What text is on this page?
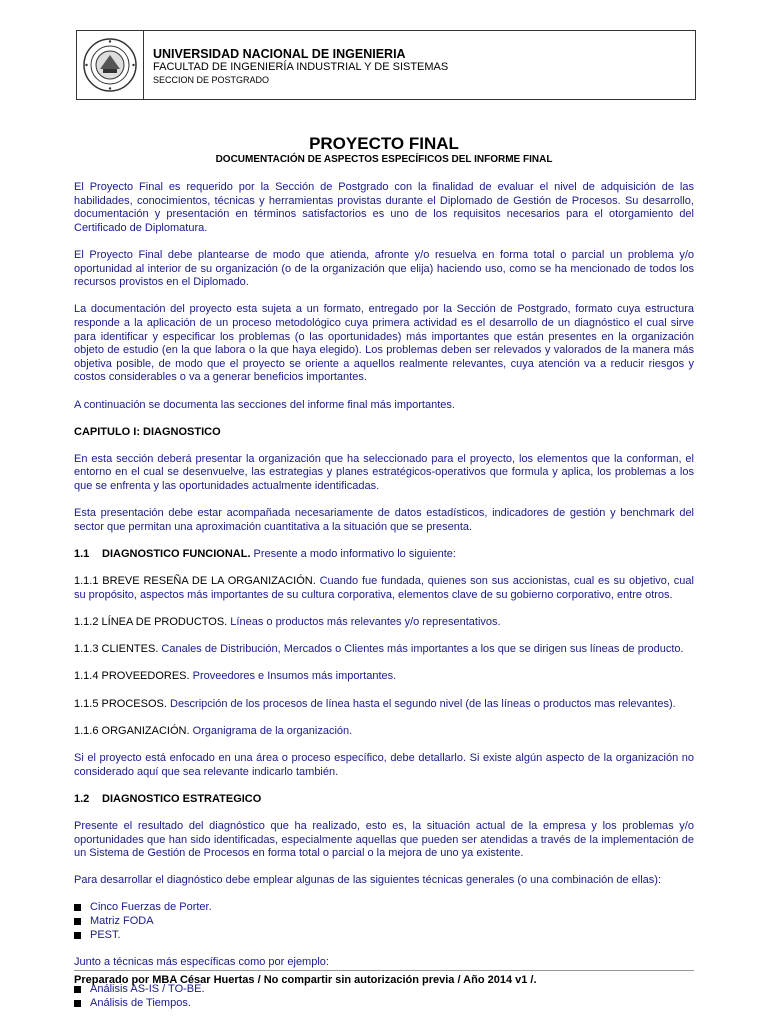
UNIVERSIDAD NACIONAL DE INGENIERIA
FACULTAD DE INGENIERÍA INDUSTRIAL Y DE SISTEMAS
SECCION DE POSTGRADO
PROYECTO FINAL
DOCUMENTACIÓN DE ASPECTOS ESPECÍFICOS DEL INFORME FINAL

El Proyecto Final es requerido por la Sección de Postgrado con la finalidad de evaluar el nivel de adquisición de las habilidades, conocimientos, técnicas y herramientas provistas durante el Diplomado de Gestión de Procesos. Su desarrollo, documentación y presentación en términos satisfactorios es uno de los requisitos necesarios para el otorgamiento del Certificado de Diplomatura.

El Proyecto Final debe plantearse de modo que atienda, afronte y/o resuelva en forma total o parcial un problema y/o oportunidad al interior de su organización (o de la organización que elija) haciendo uso, como se ha mencionado de todos los recursos provistos en el Diplomado.

La documentación del proyecto esta sujeta a un formato, entregado por la Sección de Postgrado, formato cuya estructura responde a la aplicación de un proceso metodológico cuya primera actividad es el desarrollo de un diagnóstico el cual sirve para identificar y especificar los problemas (o las oportunidades) más importantes que están presentes en la organización objeto de estudio (en la que labora o la que haya elegido). Los problemas deben ser relevados y valorados de la manera más objetiva posible, de modo que el proyecto se oriente a aquellos realmente relevantes, cuya atención va a reducir riesgos y costos considerables o va a generar beneficios importantes.

A continuación se documenta las secciones del informe final más importantes.

CAPITULO I: DIAGNOSTICO

En esta sección deberá presentar la organización que ha seleccionado para el proyecto, los elementos que la conforman, el entorno en el cual se desenvuelve, las estrategias y planes estratégicos-operativos que formula y aplica, los problemas a los que se enfrenta y las oportunidades actualmente identificadas.

Esta presentación debe estar acompañada necesariamente de datos estadísticos, indicadores de gestión y benchmark del sector que permitan una aproximación cuantitativa a la situación que se presenta.

1.1 DIAGNOSTICO FUNCIONAL. Presente a modo informativo lo siguiente:

1.1.1 BREVE RESEÑA DE LA ORGANIZACIÓN. Cuando fue fundada, quienes son sus accionistas, cual es su objetivo, cual su propósito, aspectos más importantes de su cultura corporativa, elementos clave de su gobierno corporativo, entre otros.

1.1.2 LÍNEA DE PRODUCTOS. Líneas o productos más relevantes y/o representativos.

1.1.3 CLIENTES. Canales de Distribución, Mercados o Clientes más importantes a los que se dirigen sus líneas de producto.

1.1.4 PROVEEDORES. Proveedores e Insumos más importantes.

1.1.5 PROCESOS. Descripción de los procesos de línea hasta el segundo nivel (de las líneas o productos mas relevantes).

1.1.6 ORGANIZACIÓN. Organigrama de la organización.

Si el proyecto está enfocado en una área o proceso específico, debe detallarlo. Si existe algún aspecto de la organización no considerado aquí que sea relevante indicarlo también.

1.2 DIAGNOSTICO ESTRATEGICO

Presente el resultado del diagnóstico que ha realizado, esto es, la situación actual de la empresa y los problemas y/o oportunidades que han sido identificadas, especialmente aquellas que pueden ser atendidas a través de la implementación de un Sistema de Gestión de Procesos en forma total o parcial o la mejora de uno ya existente.

Para desarrollar el diagnóstico debe emplear algunas de las siguientes técnicas generales (o una combinación de ellas):

Cinco Fuerzas de Porter.
Matriz FODA
PEST.

Junto a técnicas más específicas como por ejemplo:

Análisis AS-IS / TO-BE.
Análisis de Tiempos.
Preparado por MBA César Huertas / No compartir sin autorización previa / Año 2014 v1 /.
